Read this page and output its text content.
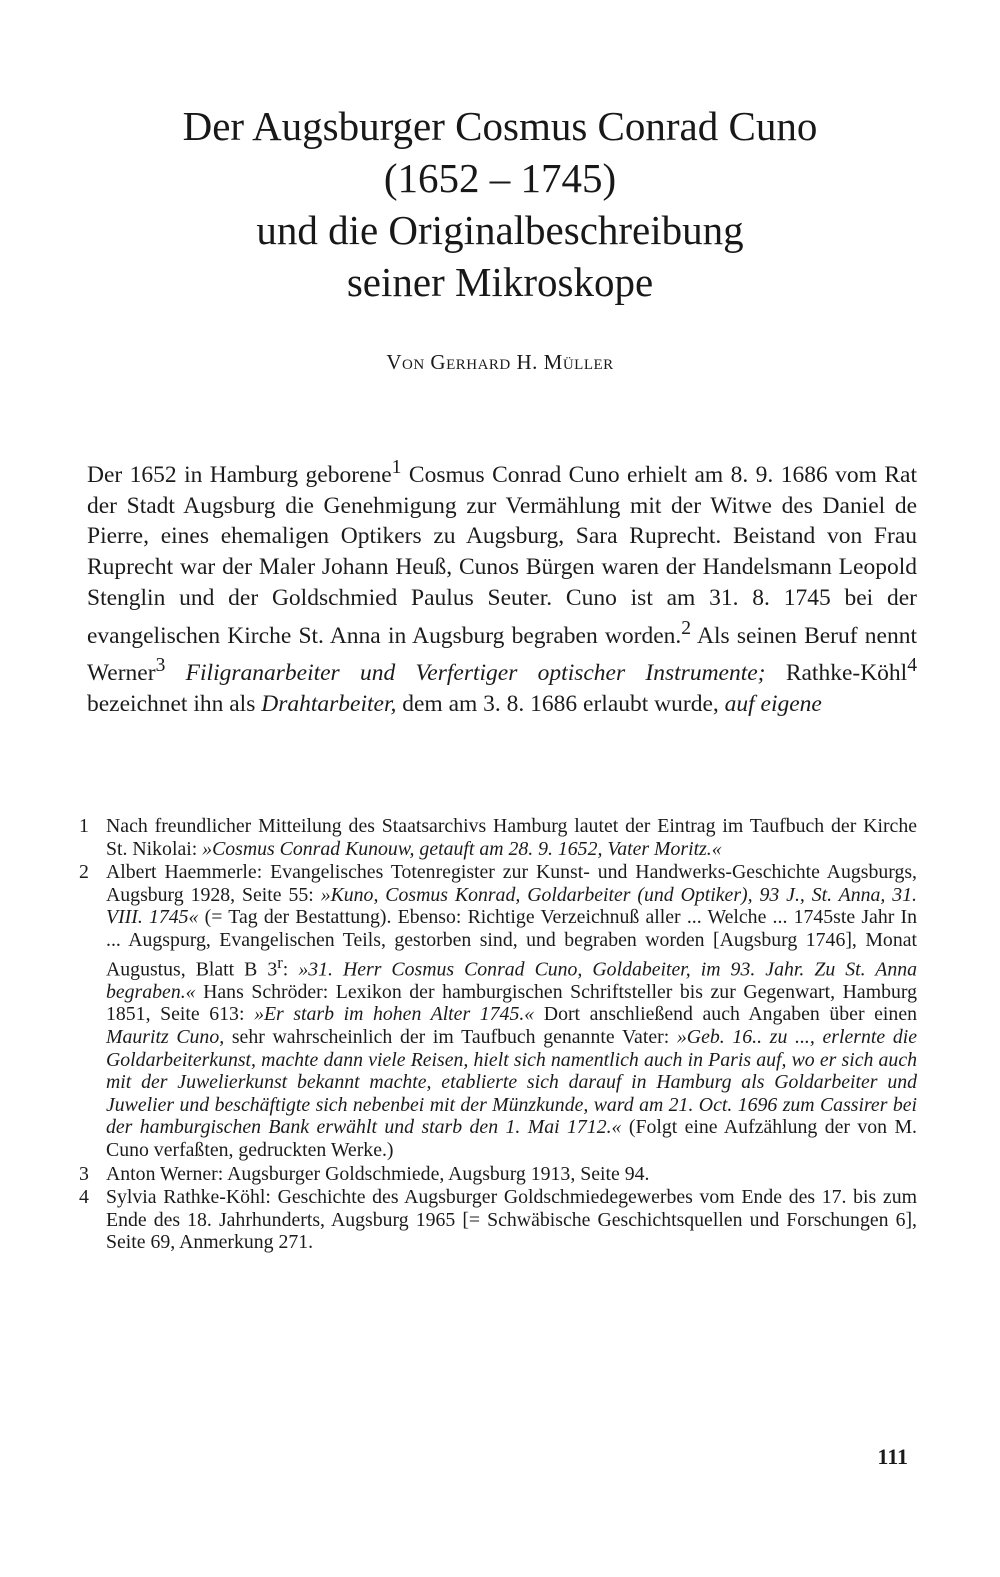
Der Augsburger Cosmus Conrad Cuno
(1652 – 1745)
und die Originalbeschreibung
seiner Mikroskope
Von Gerhard H. Müller

Der 1652 in Hamburg geborene$^1$ Cosmus Conrad Cuno erhielt am 8. 9. 1686 vom Rat der Stadt Augsburg die Genehmigung zur Vermählung mit der Witwe des Daniel de Pierre, eines ehemaligen Optikers zu Augsburg, Sara Ruprecht. Beistand von Frau Ruprecht war der Maler Johann Heuß, Cunos Bürgen waren der Handelsmann Leopold Stenglin und der Goldschmied Paulus Seuter. Cuno ist am 31. 8. 1745 bei der evangelischen Kirche St. Anna in Augsburg begraben worden.$^2$ Als seinen Beruf nennt Werner$^3$ Filigranarbeiter und Verfertiger optischer Instrumente; Rathke-Köhl$^4$ bezeichnet ihn als Drahtarbeiter, dem am 3. 8. 1686 erlaubt wurde, auf eigene

1 Nach freundlicher Mitteilung des Staatsarchivs Hamburg lautet der Eintrag im Taufbuch der Kirche St. Nikolai: »Cosmus Conrad Kunouw, getauft am 28. 9. 1652, Vater Moritz.«

2 Albert Haemmerle: Evangelisches Totenregister zur Kunst- und Handwerks-Geschichte Augsburgs, Augsburg 1928, Seite 55: »Kuno, Cosmus Konrad, Goldarbeiter (und Optiker), 93 J., St. Anna, 31. VIII. 1745« (= Tag der Bestattung). Ebenso: Richtige Verzeichnuß aller ... Welche ... 1745ste Jahr In ... Augspurg, Evangelischen Teils, gestorben sind, und begraben worden [Augsburg 1746], Monat Augustus, Blatt B 3$^r$: »31. Herr Cosmus Conrad Cuno, Goldabeiter, im 93. Jahr. Zu St. Anna begraben.« Hans Schröder: Lexikon der hamburgischen Schriftsteller bis zur Gegenwart, Hamburg 1851, Seite 613: »Er starb im hohen Alter 1745.« Dort anschließend auch Angaben über einen Mauritz Cuno, sehr wahrscheinlich der im Taufbuch genannte Vater: »Geb. 16.. zu ..., erlernte die Goldarbeiterkunst, machte dann viele Reisen, hielt sich namentlich auch in Paris auf, wo er sich auch mit der Juwelierkunst bekannt machte, etablierte sich darauf in Hamburg als Goldarbeiter und Juwelier und beschäftigte sich nebenbei mit der Münzkunde, ward am 21. Oct. 1696 zum Cassirer bei der hamburgischen Bank erwählt und starb den 1. Mai 1712.« (Folgt eine Aufzählung der von M. Cuno verfaßten, gedruckten Werke.)

3 Anton Werner: Augsburger Goldschmiede, Augsburg 1913, Seite 94.

4 Sylvia Rathke-Köhl: Geschichte des Augsburger Goldschmiedegewerbes vom Ende des 17. bis zum Ende des 18. Jahrhunderts, Augsburg 1965 [= Schwäbische Geschichtsquellen und Forschungen 6], Seite 69, Anmerkung 271.

111
